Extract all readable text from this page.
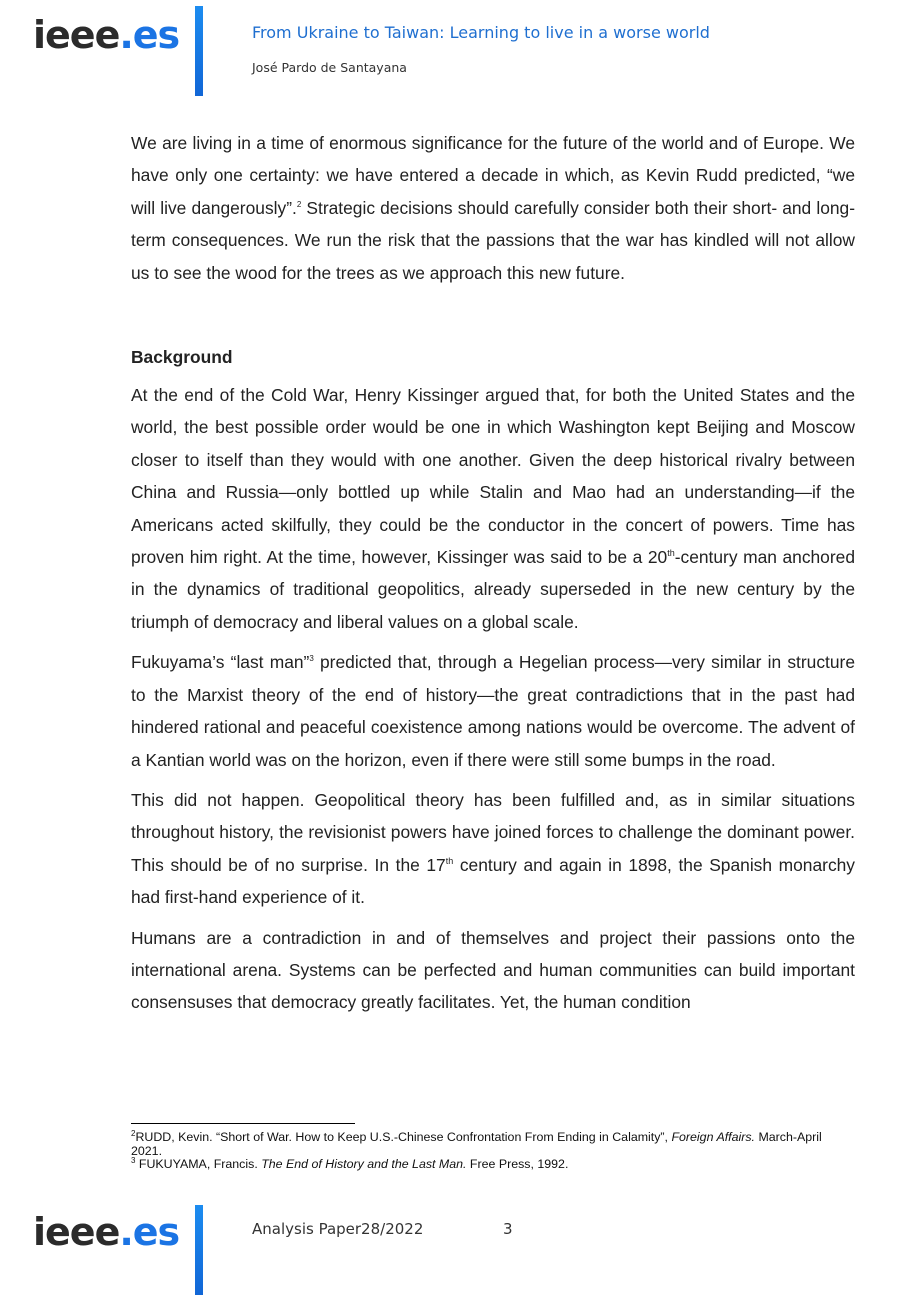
ieee.es	From Ukraine to Taiwan: Learning to live in a worse world
José Pardo de Santayana

We are living in a time of enormous significance for the future of the world and of Europe. We have only one certainty: we have entered a decade in which, as Kevin Rudd predicted, “we will live dangerously”.$^2$ Strategic decisions should carefully consider both their short- and long-term consequences. We run the risk that the passions that the war has kindled will not allow us to see the wood for the trees as we approach this new future.

Background

At the end of the Cold War, Henry Kissinger argued that, for both the United States and the world, the best possible order would be one in which Washington kept Beijing and Moscow closer to itself than they would with one another. Given the deep historical rivalry between China and Russia—only bottled up while Stalin and Mao had an understanding—if the Americans acted skilfully, they could be the conductor in the concert of powers. Time has proven him right. At the time, however, Kissinger was said to be a 20th-century man anchored in the dynamics of traditional geopolitics, already superseded in the new century by the triumph of democracy and liberal values on a global scale.

Fukuyama’s “last man”$^3$ predicted that, through a Hegelian process—very similar in structure to the Marxist theory of the end of history—the great contradictions that in the past had hindered rational and peaceful coexistence among nations would be overcome. The advent of a Kantian world was on the horizon, even if there were still some bumps in the road.

This did not happen. Geopolitical theory has been fulfilled and, as in similar situations throughout history, the revisionist powers have joined forces to challenge the dominant power. This should be of no surprise. In the 17th century and again in 1898, the Spanish monarchy had first-hand experience of it.

Humans are a contradiction in and of themselves and project their passions onto the international arena. Systems can be perfected and human communities can build important consensuses that democracy greatly facilitates. Yet, the human condition

$^2$RUDD, Kevin. “Short of War. How to Keep U.S.-Chinese Confrontation From Ending in Calamity”, Foreign Affairs. March-April 2021.

$^3$ FUKUYAMA, Francis. The End of History and the Last Man. Free Press, 1992.

ieee.es	Analysis Paper28/2022	3
